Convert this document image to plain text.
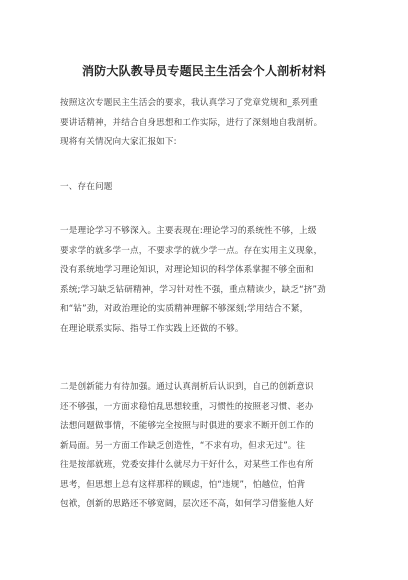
消防大队教导员专题民主生活会个人剖析材料
按照这次专题民主生活会的要求，我认真学习了党章党规和_系列重
要讲话精神，并结合自身思想和工作实际，进行了深刻地自我剖析。
现将有关情况向大家汇报如下:
一、存在问题
一是理论学习不够深入。主要表现在:理论学习的系统性不够，上级
要求学的就多学一点，不要求学的就少学一点。存在实用主义现象，
没有系统地学习理论知识，对理论知识的科学体系掌握不够全面和
系统;学习缺乏钻研精神，学习针对性不强，重点精读少，缺乏“挤”劲
和“钻”劲，对政治理论的实质精神理解不够深刻;学用结合不紧，
在理论联系实际、指导工作实践上还做的不够。
二是创新能力有待加强。通过认真剖析后认识到，自己的创新意识
还不够强，一方面求稳怕乱思想较重，习惯性的按照老习惯、老办
法想问题做事情，不能够完全按照与时俱进的要求不断开创工作的
新局面。另一方面工作缺乏创造性，“不求有功，但求无过”。往
往是按部就班，党委安排什么就尽力干好什么，对某些工作也有所
思考，但思想上总有这样那样的顾虑，怕“违规”，怕越位，怕背
包袱，创新的思路还不够宽阔，层次还不高，如何学习借鉴他人好
